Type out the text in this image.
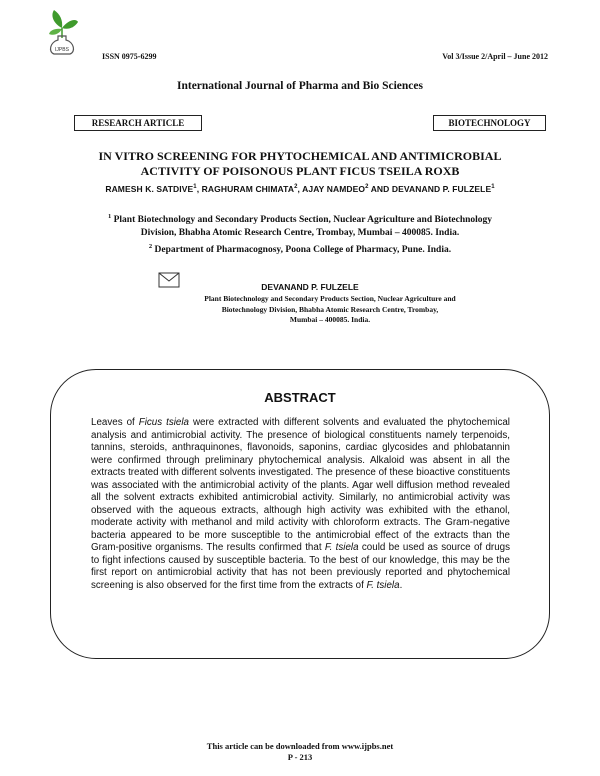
IJPBS
ISSN 0975-6299	Vol 3/Issue 2/April – June 2012
International Journal of Pharma and Bio Sciences
RESEARCH ARTICLE	BIOTECHNOLOGY
IN VITRO SCREENING FOR PHYTOCHEMICAL AND ANTIMICROBIAL
ACTIVITY OF POISONOUS PLANT FICUS TSEILA ROXB
RAMESH K. SATDIVE$^1$, RAGHURAM CHIMATA$^2$, AJAY NAMDEO$^2$ AND DEVANAND P. FULZELE$^1$
$^1$ Plant Biotechnology and Secondary Products Section, Nuclear Agriculture and Biotechnology
Division, Bhabha Atomic Research Centre, Trombay, Mumbai – 400085. India.
$^2$ Department of Pharmacognosy, Poona College of Pharmacy, Pune. India.
DEVANAND P. FULZELE
Plant Biotechnology and Secondary Products Section, Nuclear Agriculture and
Biotechnology Division, Bhabha Atomic Research Centre, Trombay,
Mumbai – 400085. India.
ABSTRACT
Leaves of Ficus tsiela were extracted with different solvents and evaluated the phytochemical analysis and antimicrobial activity. The presence of biological constituents namely terpenoids, tannins, steroids, anthraquinones, flavonoids, saponins, cardiac glycosides and phlobatannin were confirmed through preliminary phytochemical analysis. Alkaloid was absent in all the extracts treated with different solvents investigated. The presence of these bioactive constituents was associated with the antimicrobial activity of the plants. Agar well diffusion method revealed all the solvent extracts exhibited antimicrobial activity. Similarly, no antimicrobial activity was observed with the aqueous extracts, although high activity was exhibited with the ethanol, moderate activity with methanol and mild activity with chloroform extracts. The Gram-negative bacteria appeared to be more susceptible to the antimicrobial effect of the extracts than the Gram-positive organisms. The results confirmed that F. tsiela could be used as source of drugs to fight infections caused by susceptible bacteria. To the best of our knowledge, this may be the first report on antimicrobial activity that has not been previously reported and phytochemical screening is also observed for the first time from the extracts of F. tsiela.
This article can be downloaded from www.ijpbs.net
P - 213
